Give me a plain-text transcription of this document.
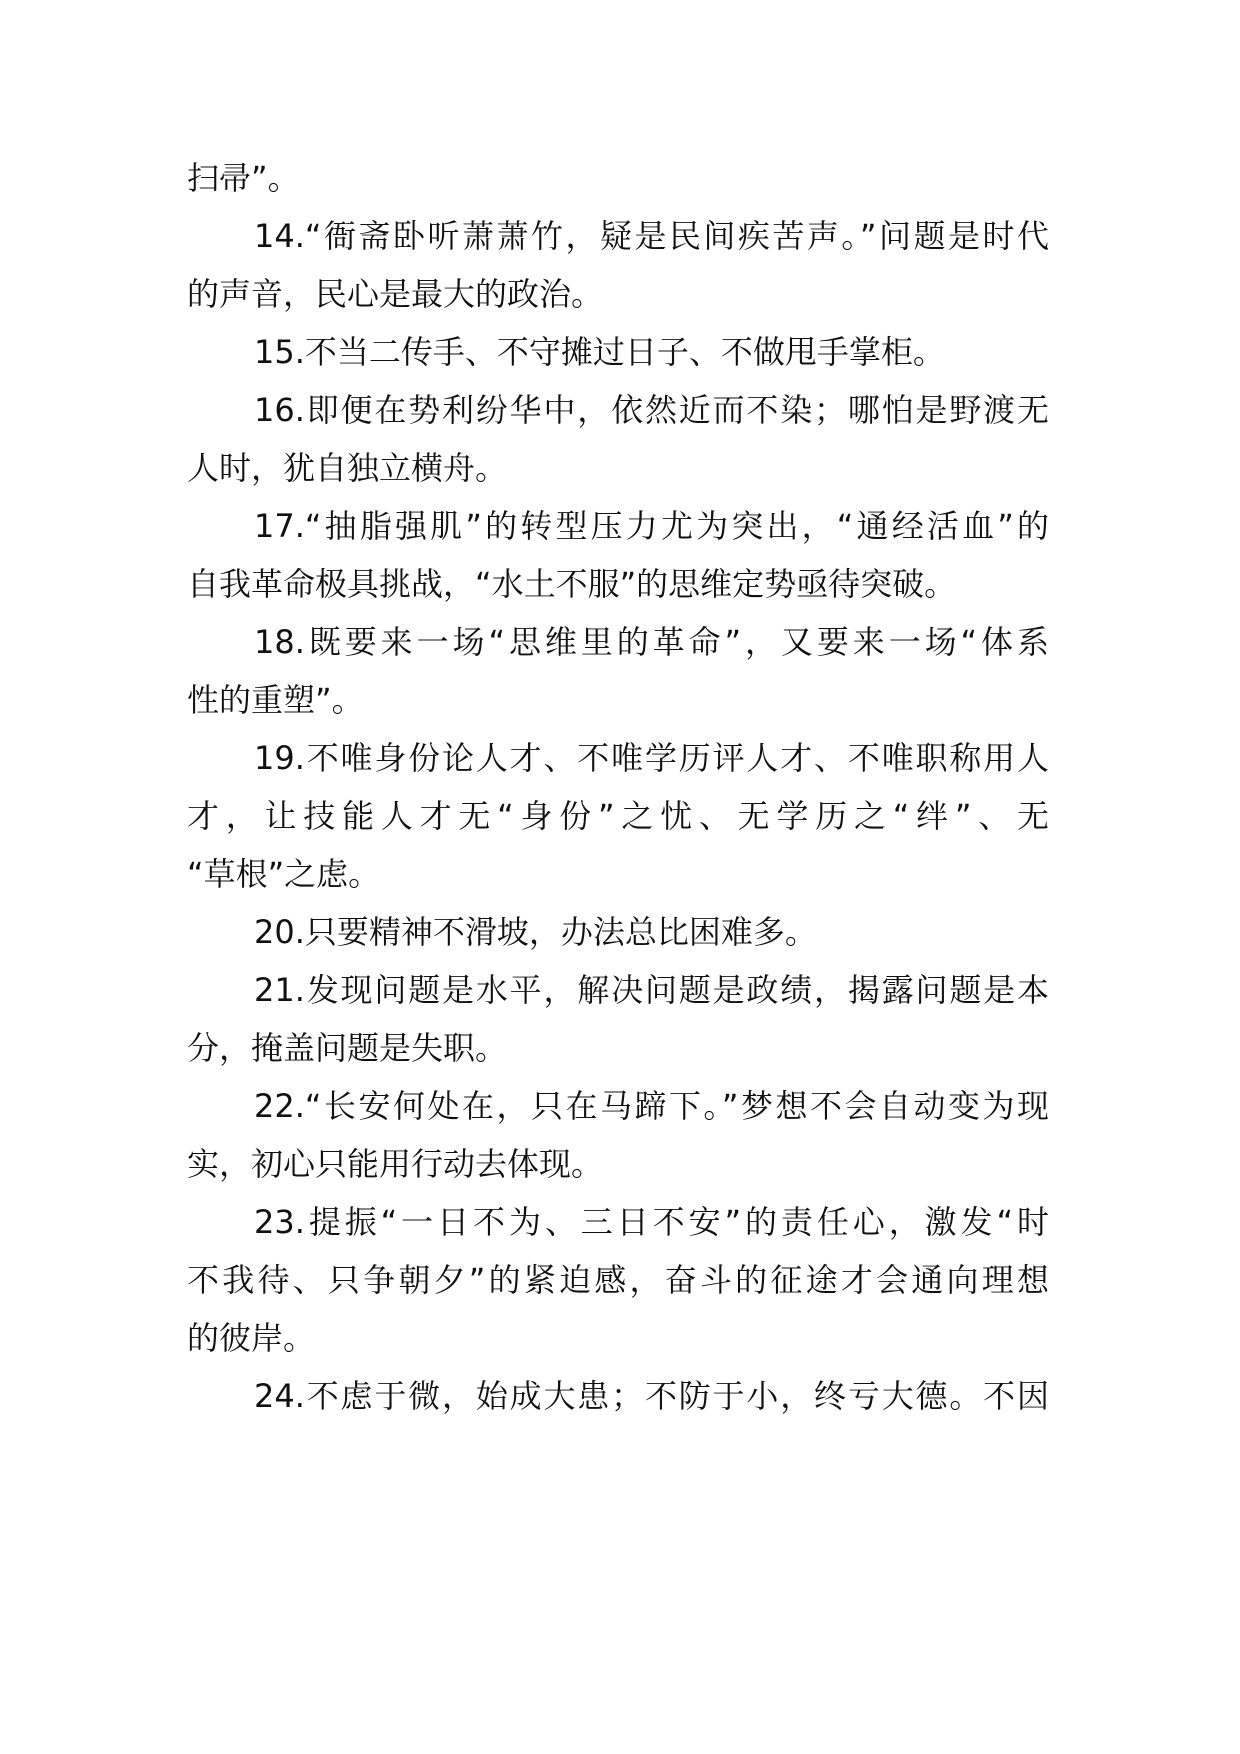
扫帚”。
14.“衙斋卧听萧萧竹，疑是民间疾苦声。”问题是时代
的声音，民心是最大的政治。
15.不当二传手、不守摊过日子、不做甩手掌柜。
16.即便在势利纷华中，依然近而不染；哪怕是野渡无
人时，犹自独立横舟。
17.“抽脂强肌”的转型压力尤为突出，“通经活血”的
自我革命极具挑战，“水土不服”的思维定势亟待突破。
18.既要来一场“思维里的革命”，又要来一场“体系
性的重塑”。
19.不唯身份论人才、不唯学历评人才、不唯职称用人
才，让技能人才无“身份”之忧、无学历之“绊”、无
“草根”之虑。
20.只要精神不滑坡，办法总比困难多。
21.发现问题是水平，解决问题是政绩，揭露问题是本
分，掩盖问题是失职。
22.“长安何处在，只在马蹄下。”梦想不会自动变为现
实，初心只能用行动去体现。
23.提振“一日不为、三日不安”的责任心，激发“时
不我待、只争朝夕”的紧迫感，奋斗的征途才会通向理想
的彼岸。
24.不虑于微，始成大患；不防于小，终亏大德。不因
